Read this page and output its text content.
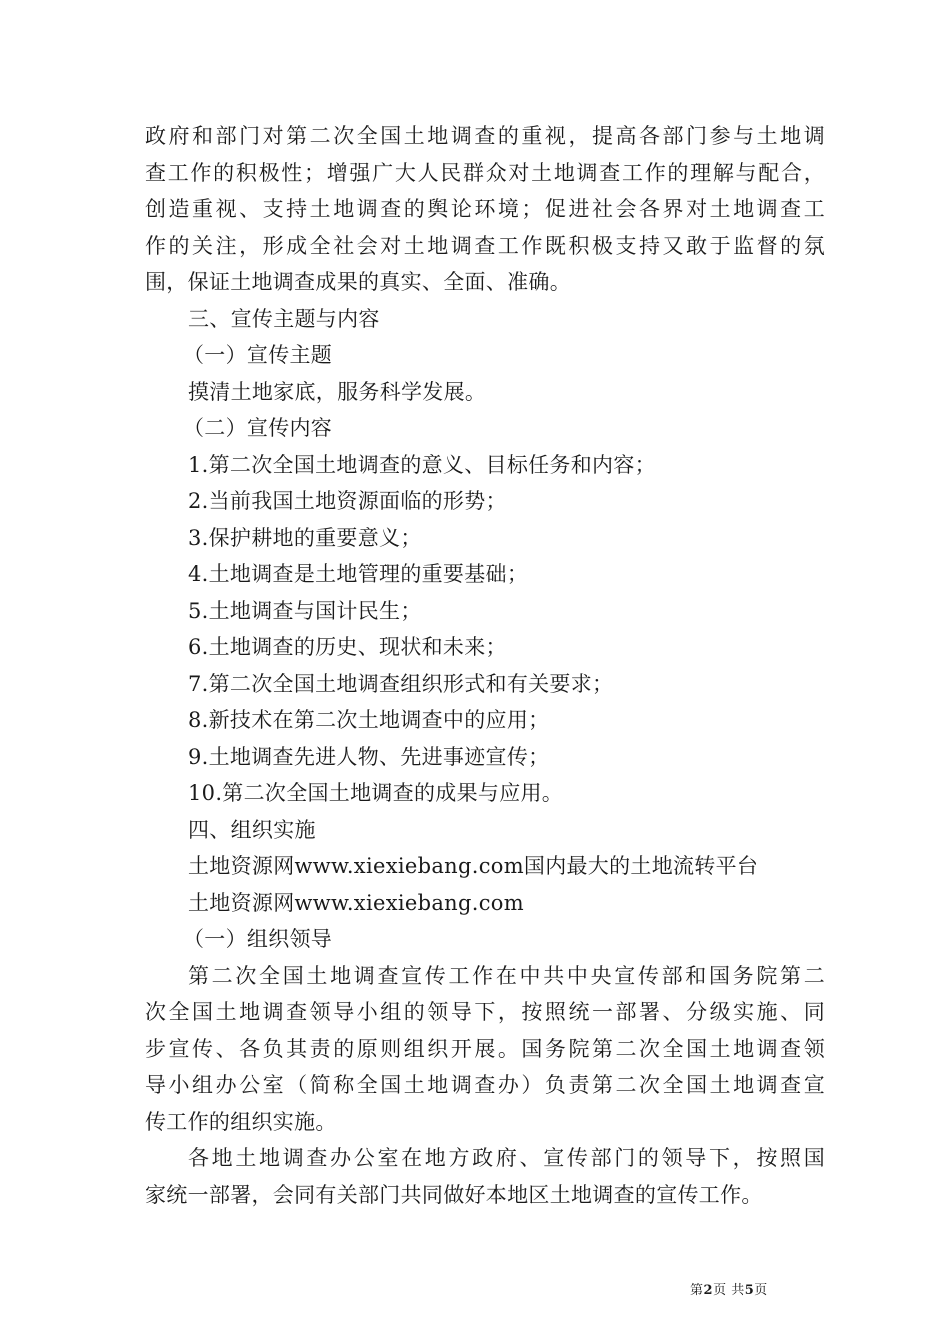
政府和部门对第二次全国土地调查的重视，提高各部门参与土地调
查工作的积极性；增强广大人民群众对土地调查工作的理解与配合，
创造重视、支持土地调查的舆论环境；促进社会各界对土地调查工
作的关注，形成全社会对土地调查工作既积极支持又敢于监督的氛
围，保证土地调查成果的真实、全面、准确。
三、宣传主题与内容
（一）宣传主题
摸清土地家底，服务科学发展。
（二）宣传内容
1.第二次全国土地调查的意义、目标任务和内容；
2.当前我国土地资源面临的形势；
3.保护耕地的重要意义；
4.土地调查是土地管理的重要基础；
5.土地调查与国计民生；
6.土地调查的历史、现状和未来；
7.第二次全国土地调查组织形式和有关要求；
8.新技术在第二次土地调查中的应用；
9.土地调查先进人物、先进事迹宣传；
10.第二次全国土地调查的成果与应用。
四、组织实施
土地资源网www.xiexiebang.com国内最大的土地流转平台
土地资源网www.xiexiebang.com
（一）组织领导
第二次全国土地调查宣传工作在中共中央宣传部和国务院第二
次全国土地调查领导小组的领导下，按照统一部署、分级实施、同
步宣传、各负其责的原则组织开展。国务院第二次全国土地调查领
导小组办公室（简称全国土地调查办）负责第二次全国土地调查宣
传工作的组织实施。
各地土地调查办公室在地方政府、宣传部门的领导下，按照国
家统一部署，会同有关部门共同做好本地区土地调查的宣传工作。
第2页 共5页
